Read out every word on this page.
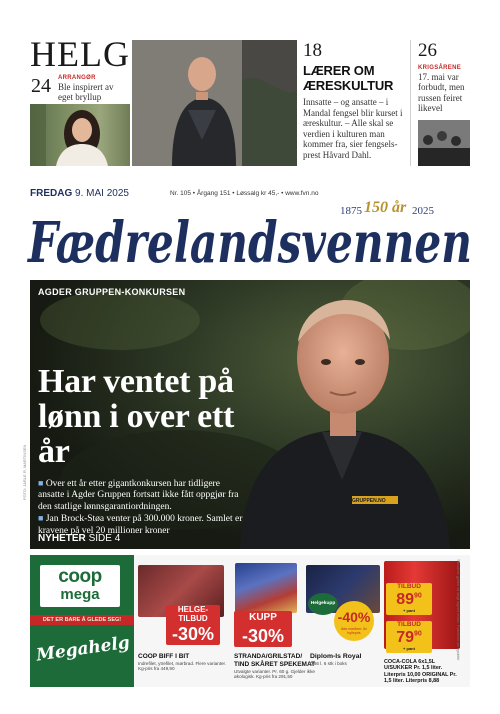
HELG
24 ARRANGØR
Ble inspirert av eget bryllup
18
LÆRER OM ÆRESKULTUR
Innsatte – og ansatte – i Mandal fengsel blir kurset i æreskultur. – Alle skal se verdien i kulturen man kommer fra, sier fengselsprest Håvard Dahl.
26
KRIGSÅRENE
17. mai var forbudt, men russen feiret likevel
FREDAG 9. MAI 2025	Nr. 105 • Årgang 151 • Løssalg kr 45,- • www.fvn.no
1875 150 år 2025
Fædrelandsvennen
GRUPPEN.NO
AGDER GRUPPEN-KONKURSEN
Har ventet på lønn i over ett år
■ Over ett år etter gigantkonkursen har tidligere ansatte i Agder Gruppen fortsatt ikke fått oppgjør fra den statlige lønnsgarantiordningen.
■ Jan Brock-Støa venter på 300.000 kroner. Samlet er kravene på vel 20 millioner kroner
NYHETER SIDE 4
FOTO: JARLE R. MARTINSEN
coop
mega
DET ER BARE Å GLEDE SEG!
Megahelg
HELGE-TILBUD
-30%
COOP BIFF I BIT
Indrefilet, ytrefilet, mørbrad. Flere varianter. Kg-pris fra 449,90
KUPP
-30%
STRANDA/GRILSTAD/ TIND SKÅRET SPEKEMAT
Utvalgte varianter. Pr. 60 g. Gjelder ikke økologisk. Kg-pris fra 291,50
Helgekupp
-40%
ikke medlem: 5x hyllepris
Diplom-Is Royal
0,66 l. 6 stk i boks
TILBUD
$89^{90}$
+ pant
TILBUD
$79^{90}$
+ pant
COCA-COLA 6x1,5L U/SUKKER Pr. 1,5 liter. Literpris 10,00 ORIGINAL Pr. 1,5 liter. Literpris 8,88
Tilbudene gjelder så langt lageret rekker. Forbehold om trykkfeil.
